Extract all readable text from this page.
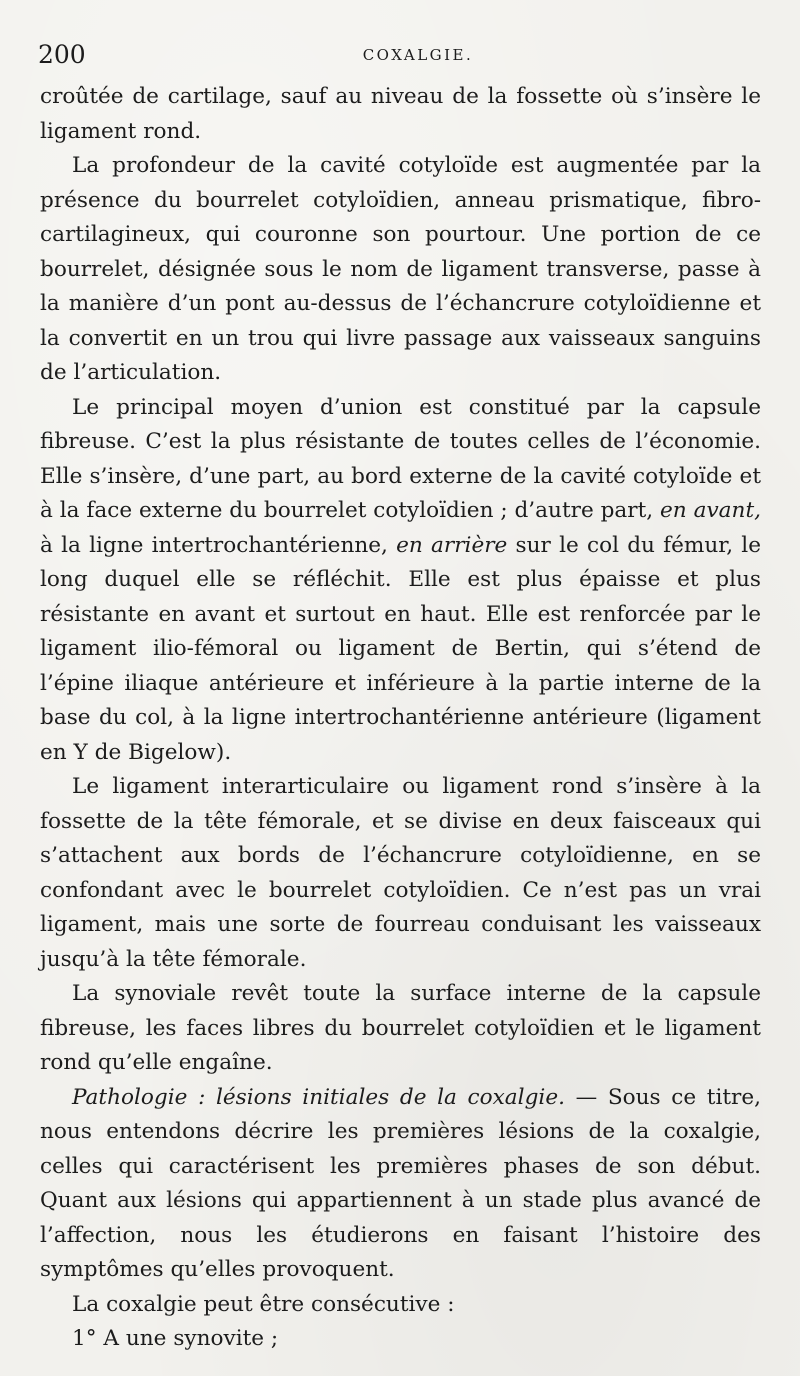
200	COXALGIE.

croûtée de cartilage, sauf au niveau de la fossette où s’insère le ligament rond.

La profondeur de la cavité cotyloïde est augmentée par la présence du bourrelet cotyloïdien, anneau prismatique, fibro-cartilagineux, qui couronne son pourtour. Une portion de ce bourrelet, désignée sous le nom de ligament transverse, passe à la manière d’un pont au-dessus de l’échancrure cotyloïdienne et la convertit en un trou qui livre passage aux vaisseaux sanguins de l’articulation.

Le principal moyen d’union est constitué par la capsule fibreuse. C’est la plus résistante de toutes celles de l’économie. Elle s’insère, d’une part, au bord externe de la cavité cotyloïde et à la face externe du bourrelet cotyloïdien ; d’autre part, en avant, à la ligne intertrochantérienne, en arrière sur le col du fémur, le long duquel elle se réfléchit. Elle est plus épaisse et plus résistante en avant et surtout en haut. Elle est renforcée par le ligament ilio-fémoral ou ligament de Bertin, qui s’étend de l’épine iliaque antérieure et inférieure à la partie interne de la base du col, à la ligne intertrochantérienne antérieure (ligament en Y de Bigelow).

Le ligament interarticulaire ou ligament rond s’insère à la fossette de la tête fémorale, et se divise en deux faisceaux qui s’attachent aux bords de l’échancrure cotyloïdienne, en se confondant avec le bourrelet cotyloïdien. Ce n’est pas un vrai ligament, mais une sorte de fourreau conduisant les vaisseaux jusqu’à la tête fémorale.

La synoviale revêt toute la surface interne de la capsule fibreuse, les faces libres du bourrelet cotyloïdien et le ligament rond qu’elle engaîne.

Pathologie : lésions initiales de la coxalgie. — Sous ce titre, nous entendons décrire les premières lésions de la coxalgie, celles qui caractérisent les premières phases de son début. Quant aux lésions qui appartiennent à un stade plus avancé de l’affection, nous les étudierons en faisant l’histoire des symptômes qu’elles provoquent.

La coxalgie peut être consécutive :

1° A une synovite ;
